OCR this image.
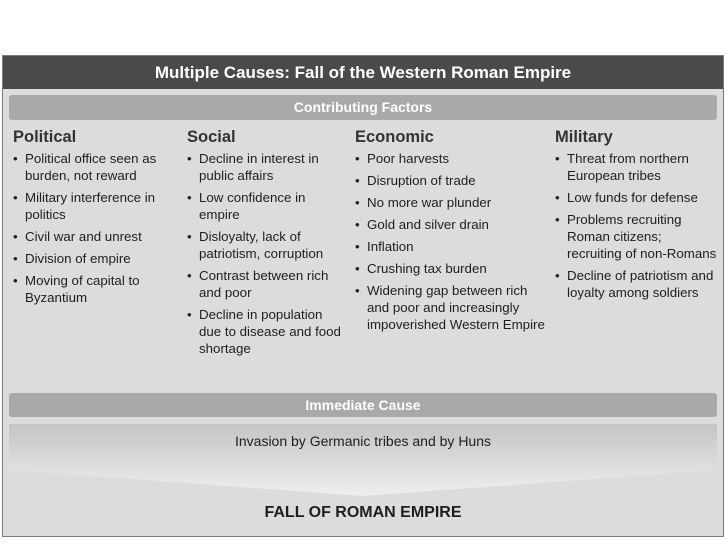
Multiple Causes: Fall of the Western Roman Empire
Contributing Factors
Political
• Political office seen as burden, not reward
• Military interference in politics
• Civil war and unrest
• Division of empire
• Moving of capital to Byzantium
Social
• Decline in interest in public affairs
• Low confidence in empire
• Disloyalty, lack of patriotism, corruption
• Contrast between rich and poor
• Decline in population due to disease and food shortage
Economic
• Poor harvests
• Disruption of trade
• No more war plunder
• Gold and silver drain
• Inflation
• Crushing tax burden
• Widening gap between rich and poor and increasingly impoverished Western Empire
Military
• Threat from northern European tribes
• Low funds for defense
• Problems recruiting Roman citizens; recruiting of non-Romans
• Decline of patriotism and loyalty among soldiers
Immediate Cause
Invasion by Germanic tribes and by Huns
FALL OF ROMAN EMPIRE
